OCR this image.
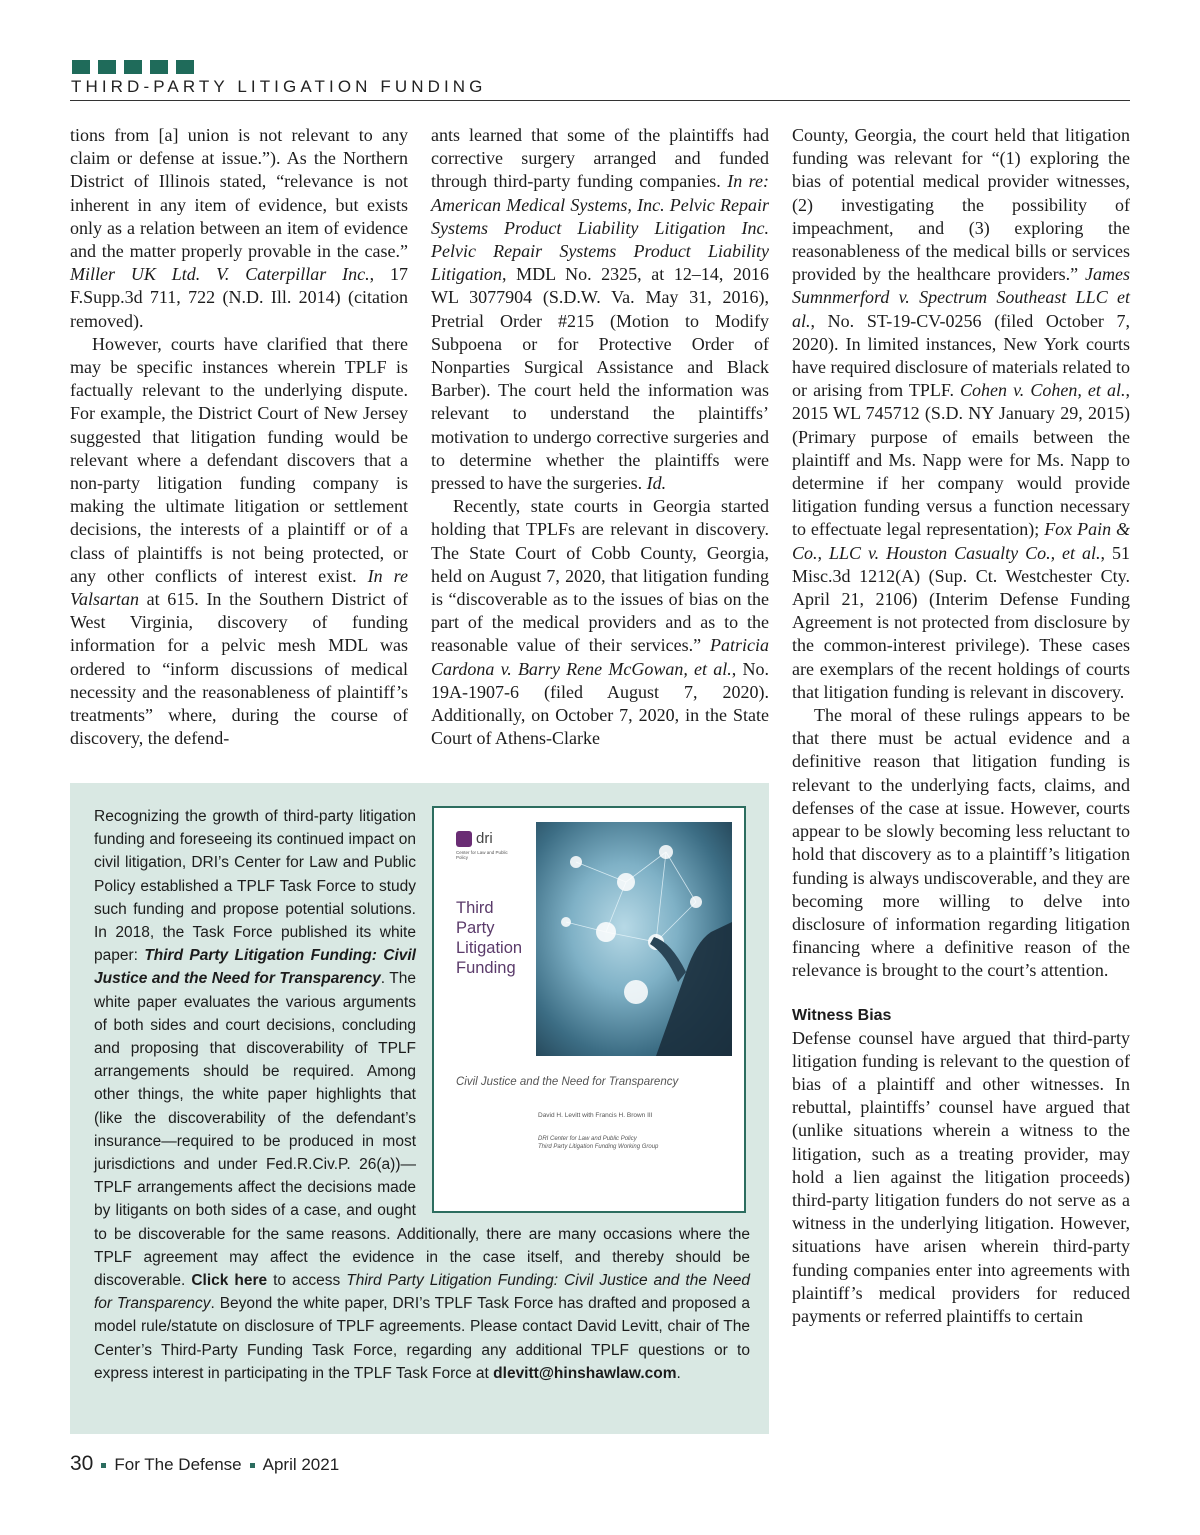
THIRD-PARTY LITIGATION FUNDING

tions from [a] union is not relevant to any claim or defense at issue.”). As the Northern District of Illinois stated, “relevance is not inherent in any item of evidence, but exists only as a relation between an item of evidence and the matter properly provable in the case.” Miller UK Ltd. V. Caterpillar Inc., 17 F.Supp.3d 711, 722 (N.D. Ill. 2014) (citation removed).

However, courts have clarified that there may be specific instances wherein TPLF is factually relevant to the underlying dispute. For example, the District Court of New Jersey suggested that litigation funding would be relevant where a defendant discovers that a non-party litigation funding company is making the ultimate litigation or settlement decisions, the interests of a plaintiff or of a class of plaintiffs is not being protected, or any other conflicts of interest exist. In re Valsartan at 615. In the Southern District of West Virginia, discovery of funding information for a pelvic mesh MDL was ordered to “inform discussions of medical necessity and the reasonableness of plaintiff’s treatments” where, during the course of discovery, the defend-

ants learned that some of the plaintiffs had corrective surgery arranged and funded through third-party funding companies. In re: American Medical Systems, Inc. Pelvic Repair Systems Product Liability Litigation Inc. Pelvic Repair Systems Product Liability Litigation, MDL No. 2325, at 12–14, 2016 WL 3077904 (S.D.W. Va. May 31, 2016), Pretrial Order #215 (Motion to Modify Subpoena or for Protective Order of Nonparties Surgical Assistance and Black Barber). The court held the information was relevant to understand the plaintiffs’ motivation to undergo corrective surgeries and to determine whether the plaintiffs were pressed to have the surgeries. Id.

Recently, state courts in Georgia started holding that TPLFs are relevant in discovery. The State Court of Cobb County, Georgia, held on August 7, 2020, that litigation funding is “discoverable as to the issues of bias on the part of the medical providers and as to the reasonable value of their services.” Patricia Cardona v. Barry Rene McGowan, et al., No. 19A-1907-6 (filed August 7, 2020). Additionally, on October 7, 2020, in the State Court of Athens-Clarke

County, Georgia, the court held that litigation funding was relevant for “(1) exploring the bias of potential medical provider witnesses, (2) investigating the possibility of impeachment, and (3) exploring the reasonableness of the medical bills or services provided by the healthcare providers.” James Sumnmerford v. Spectrum Southeast LLC et al., No. ST-19-CV-0256 (filed October 7, 2020). In limited instances, New York courts have required disclosure of materials related to or arising from TPLF. Cohen v. Cohen, et al., 2015 WL 745712 (S.D. NY January 29, 2015) (Primary purpose of emails between the plaintiff and Ms. Napp were for Ms. Napp to determine if her company would provide litigation funding versus a function necessary to effectuate legal representation); Fox Pain & Co., LLC v. Houston Casualty Co., et al., 51 Misc.3d 1212(A) (Sup. Ct. Westchester Cty. April 21, 2106) (Interim Defense Funding Agreement is not protected from disclosure by the common-interest privilege). These cases are exemplars of the recent holdings of courts that litigation funding is relevant in discovery.

The moral of these rulings appears to be that there must be actual evidence and a definitive reason that litigation funding is relevant to the underlying facts, claims, and defenses of the case at issue. However, courts appear to be slowly becoming less reluctant to hold that discovery as to a plaintiff’s litigation funding is always undiscoverable, and they are becoming more willing to delve into disclosure of information regarding litigation financing where a definitive reason of the relevance is brought to the court’s attention.

Witness Bias

Defense counsel have argued that third-party litigation funding is relevant to the question of bias of a plaintiff and other witnesses. In rebuttal, plaintiffs’ counsel have argued that (unlike situations wherein a witness to the litigation, such as a treating provider, may hold a lien against the litigation proceeds) third-party litigation funders do not serve as a witness in the underlying litigation. However, situations have arisen wherein third-party funding companies enter into agreements with plaintiff’s medical providers for reduced payments or referred plaintiffs to certain

Recognizing the growth of third-party litigation funding and foreseeing its continued impact on civil litigation, DRI’s Center for Law and Public Policy established a TPLF Task Force to study such funding and propose potential solutions. In 2018, the Task Force published its white paper: Third Party Litigation Funding: Civil Justice and the Need for Transparency. The white paper evaluates the various arguments of both sides and court decisions, concluding and proposing that discoverability of TPLF arrangements should be required. Among other things, the white paper highlights that (like the discoverability of the defendant’s insurance—required to be produced in most jurisdictions and under Fed.R.Civ.P. 26(a))—TPLF arrangements affect the decisions made by litigants on both sides of a case, and ought to be discoverable for the same reasons. Additionally, there are many occasions where the TPLF agreement may affect the evidence in the case itself, and thereby should be discoverable. Click here to access Third Party Litigation Funding: Civil Justice and the Need for Transparency. Beyond the white paper, DRI’s TPLF Task Force has drafted and proposed a model rule/statute on disclosure of TPLF agreements. Please contact David Levitt, chair of The Center’s Third-Party Funding Task Force, regarding any additional TPLF questions or to express interest in participating in the TPLF Task Force at dlevitt@hinshawlaw.com.
dri
Center for Law and Public Policy
Third
Party
Litigation
Funding
Civil Justice and the Need for Transparency
David H. Levitt with Francis H. Brown III
DRI Center for Law and Public Policy
Third Party Litigation Funding Working Group
30 For The Defense April 2021
